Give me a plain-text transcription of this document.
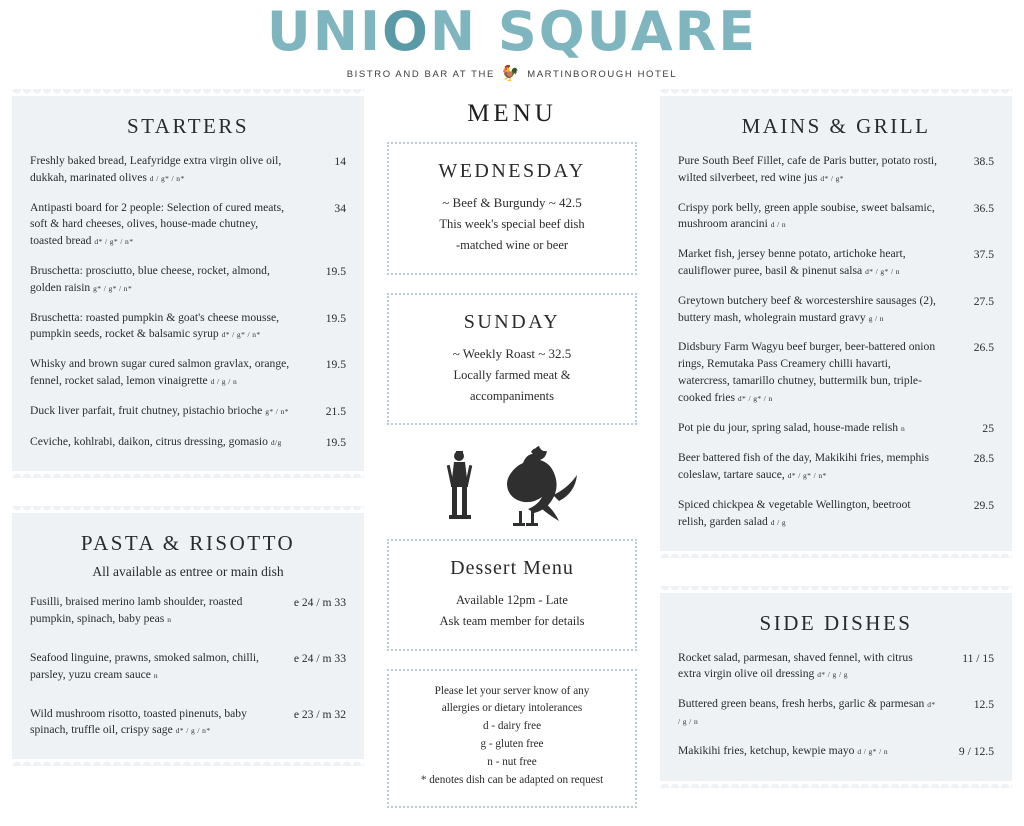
UNION SQUARE
BISTRO AND BAR AT THE 🐓 MARTINBOROUGH HOTEL
STARTERS
Freshly baked bread, Leafyridge extra virgin olive oil, dukkah, marinated olives d / g* / n*
14
Antipasti board for 2 people: Selection of cured meats, soft & hard cheeses, olives, house-made chutney, toasted bread d* / g* / n*
34
Bruschetta: prosciutto, blue cheese, rocket, almond, golden raisin g* / g* / n*
19.5
Bruschetta: roasted pumpkin & goat's cheese mousse, pumpkin seeds, rocket & balsamic syrup d* / g* / n*
19.5
Whisky and brown sugar cured salmon gravlax, orange, fennel, rocket salad, lemon vinaigrette d / g / n
19.5
Duck liver parfait, fruit chutney, pistachio brioche g* / n*	21.5
Ceviche, kohlrabi, daikon, citrus dressing, gomasio d/g	19.5
PASTA & RISOTTO
All available as entree or main dish
Fusilli, braised merino lamb shoulder, roasted pumpkin, spinach, baby peas n
e 24 / m 33
Seafood linguine, prawns, smoked salmon, chilli, parsley, yuzu cream sauce n
e 24 / m 33
Wild mushroom risotto, toasted pinenuts, baby spinach, truffle oil, crispy sage d* / g / n*
e 23 / m 32
MENU
WEDNESDAY
~ Beef & Burgundy ~ 42.5
This week's special beef dish
-matched wine or beer
SUNDAY
~ Weekly Roast ~ 32.5
Locally farmed meat &
accompaniments
Dessert Menu
Available 12pm - Late
Ask team member for details
Please let your server know of any
allergies or dietary intolerances
d - dairy free
g - gluten free
n - nut free
* denotes dish can be adapted on request
MAINS & GRILL
Pure South Beef Fillet, cafe de Paris butter, potato rosti, wilted silverbeet, red wine jus d* / g*
38.5
Crispy pork belly, green apple soubise, sweet balsamic, mushroom arancini d / n
36.5
Market fish, jersey benne potato, artichoke heart, cauliflower puree, basil & pinenut salsa d* / g* / n
37.5
Greytown butchery beef & worcestershire sausages (2), buttery mash, wholegrain mustard gravy g / n
27.5
Didsbury Farm Wagyu beef burger, beer-battered onion rings, Remutaka Pass Creamery chilli havarti, watercress, tamarillo chutney, buttermilk bun, triple-cooked fries d* / g* / n
26.5
Pot pie du jour, spring salad, house-made relish n	25
Beer battered fish of the day, Makikihi fries, memphis coleslaw, tartare sauce, d* / g* / n*
28.5
Spiced chickpea & vegetable Wellington, beetroot relish, garden salad d / g
29.5
SIDE DISHES
Rocket salad, parmesan, shaved fennel, with citrus extra virgin olive oil dressing d* / g / g
11 / 15
Buttered green beans, fresh herbs, garlic & parmesan d* / g / n
12.5
Makikihi fries, ketchup, kewpie mayo d / g* / n	9 / 12.5
